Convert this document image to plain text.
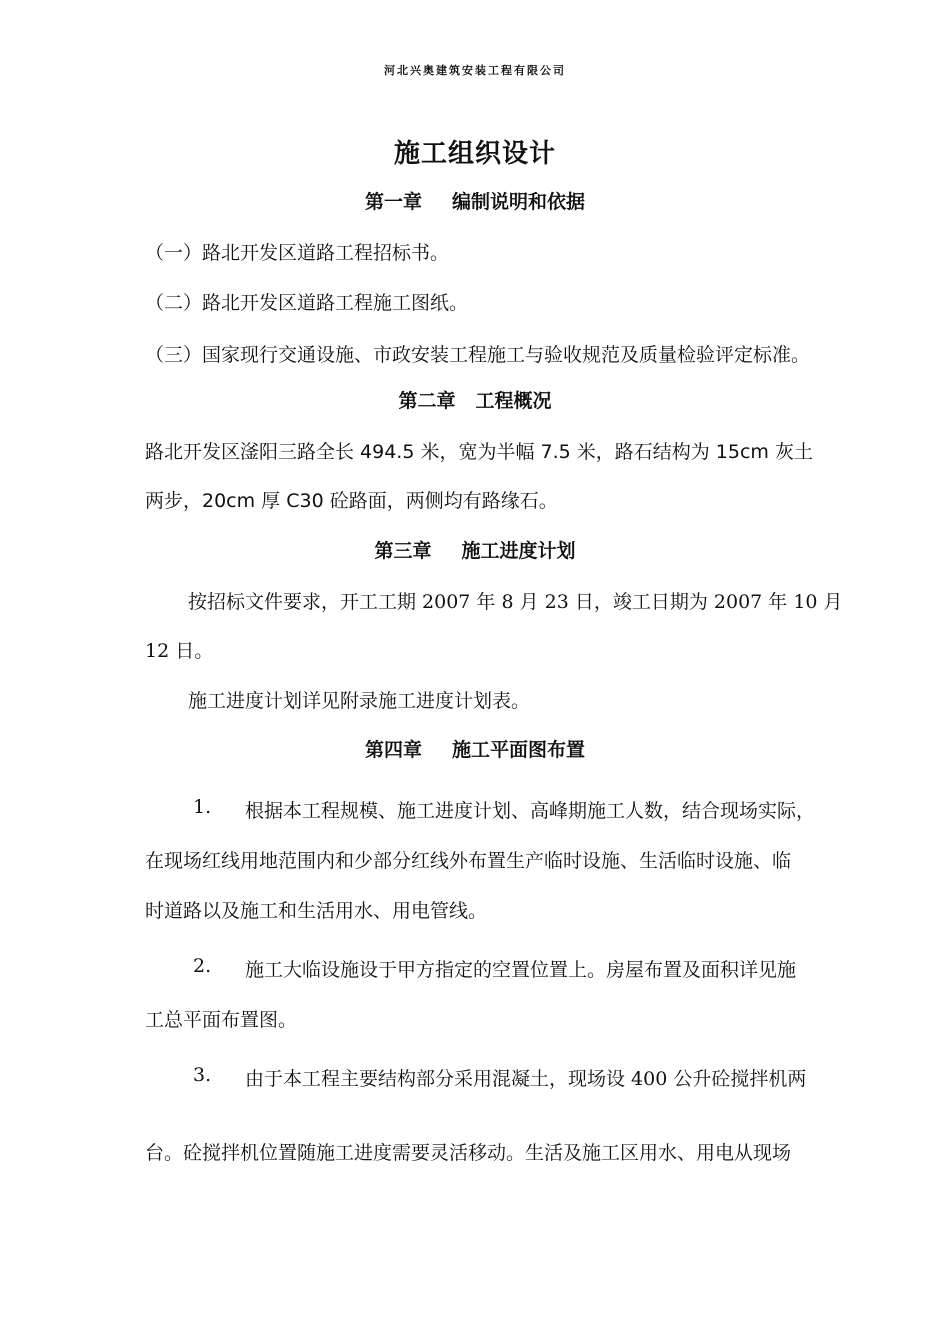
河北兴奥建筑安装工程有限公司
施工组织设计
第一章 编制说明和依据
（一）路北开发区道路工程招标书。
（二）路北开发区道路工程施工图纸。
（三）国家现行交通设施、市政安装工程施工与验收规范及质量检验评定标准。
第二章 工程概况
路北开发区滏阳三路全长 494.5 米，宽为半幅 7.5 米，路石结构为 15cm 灰土
两步，20cm 厚 C30 砼路面，两侧均有路缘石。
第三章 施工进度计划
按招标文件要求，开工工期 2007 年 8 月 23 日，竣工日期为 2007 年 10 月
12 日。
施工进度计划详见附录施工进度计划表。
第四章 施工平面图布置
1. 根据本工程规模、施工进度计划、高峰期施工人数，结合现场实际，
在现场红线用地范围内和少部分红线外布置生产临时设施、生活临时设施、临
时道路以及施工和生活用水、用电管线。
2. 施工大临设施设于甲方指定的空置位置上。房屋布置及面积详见施
工总平面布置图。
3. 由于本工程主要结构部分采用混凝土，现场设 400 公升砼搅拌机两
台。砼搅拌机位置随施工进度需要灵活移动。生活及施工区用水、用电从现场
